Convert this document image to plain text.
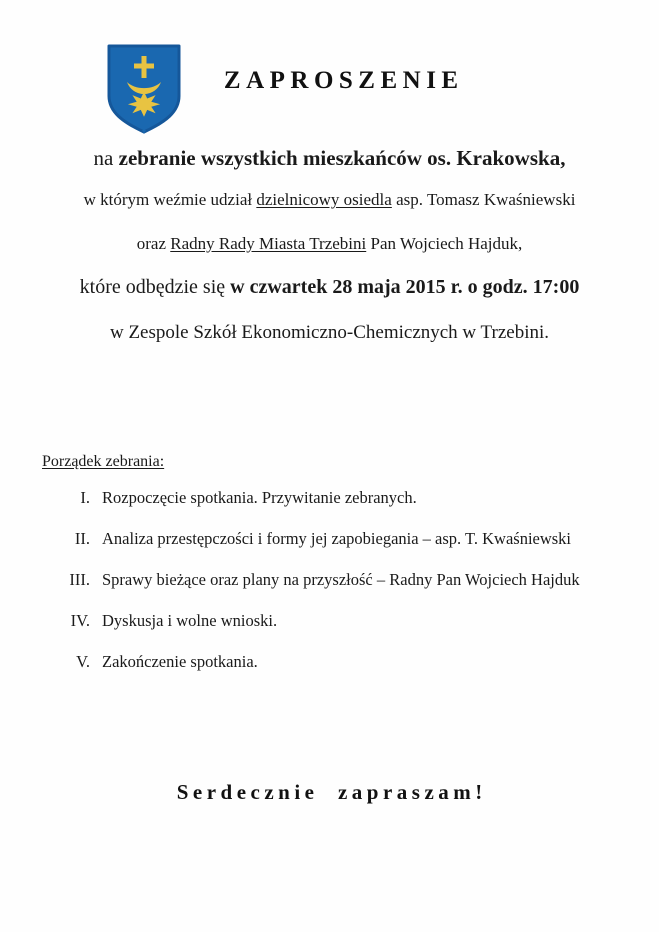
ZAPROSZENIE
na zebranie wszystkich mieszkańców os. Krakowska,
w którym weźmie udział dzielnicowy osiedla asp. Tomasz Kwaśniewski
oraz Radny Rady Miasta Trzebini Pan Wojciech Hajduk,
które odbędzie się w czwartek 28 maja 2015 r. o godz. 17:00
w Zespole Szkół Ekonomiczno-Chemicznych w Trzebini.
Porządek zebrania:
I. Rozpoczęcie spotkania. Przywitanie zebranych.
II. Analiza przestępczości i formy jej zapobiegania – asp. T. Kwaśniewski
III. Sprawy bieżące oraz plany na przyszłość – Radny Pan Wojciech Hajduk
IV. Dyskusja i wolne wnioski.
V. Zakończenie spotkania.
Serdecznie zapraszam!
